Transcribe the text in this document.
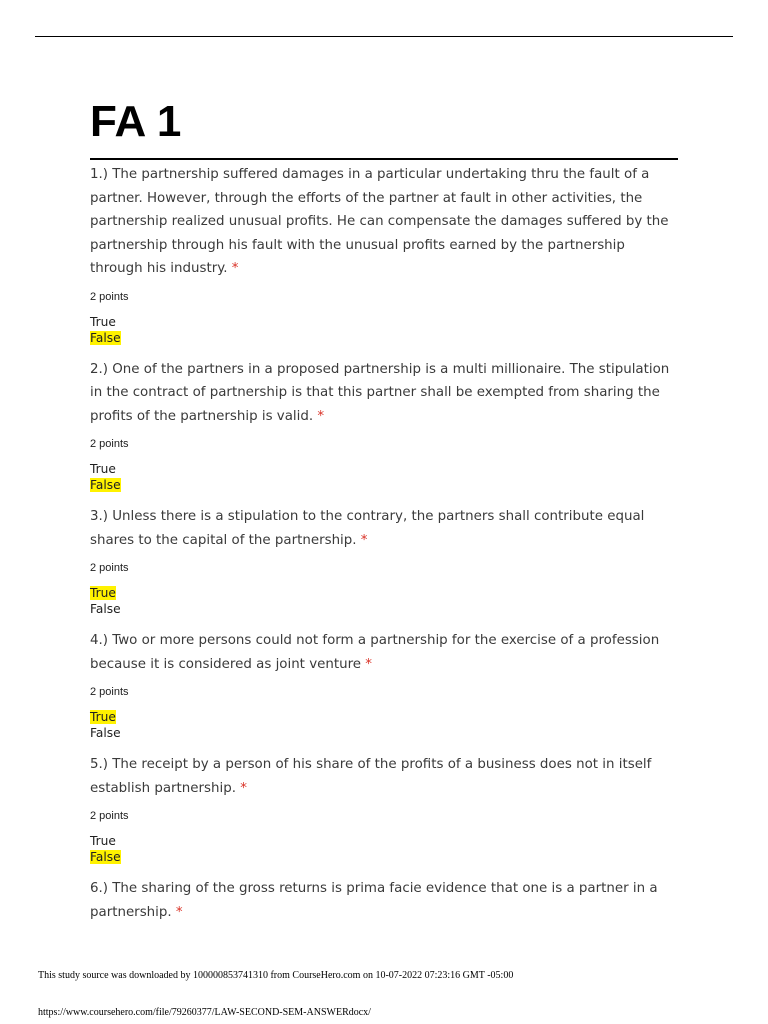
FA 1

1.) The partnership suffered damages in a particular undertaking thru the fault of a partner. However, through the efforts of the partner at fault in other activities, the partnership realized unusual profits. He can compensate the damages suffered by the partnership through his fault with the unusual profits earned by the partnership through his industry. *

2 points
True
False

2.) One of the partners in a proposed partnership is a multi millionaire. The stipulation in the contract of partnership is that this partner shall be exempted from sharing the profits of the partnership is valid. *

2 points
True
False

3.) Unless there is a stipulation to the contrary, the partners shall contribute equal shares to the capital of the partnership. *

2 points
True
False

4.) Two or more persons could not form a partnership for the exercise of a profession because it is considered as joint venture *

2 points
True
False

5.) The receipt by a person of his share of the profits of a business does not in itself establish partnership. *

2 points
True
False

6.) The sharing of the gross returns is prima facie evidence that one is a partner in a partnership. *

This study source was downloaded by 100000853741310 from CourseHero.com on 10-07-2022 07:23:16 GMT -05:00
https://www.coursehero.com/file/79260377/LAW-SECOND-SEM-ANSWERdocx/
